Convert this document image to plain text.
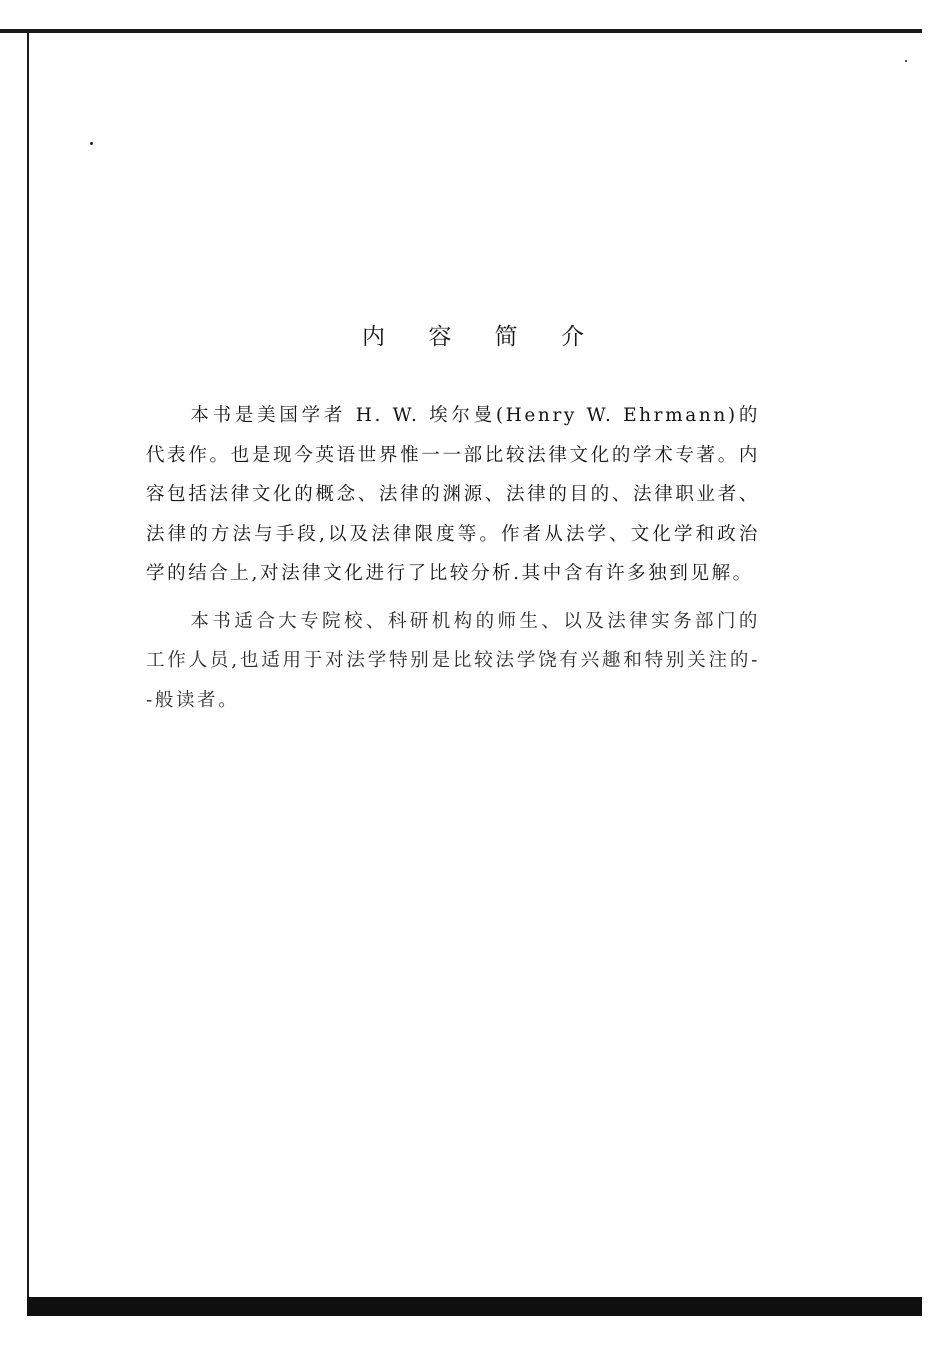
内 容 简 介

本书是美国学者 H. W. 埃尔曼(Henry W. Ehrmann)的代表作。也是现今英语世界惟一一部比较法律文化的学术专著。内容包括法律文化的概念、法律的渊源、法律的目的、法律职业者、法律的方法与手段,以及法律限度等。作者从法学、文化学和政治学的结合上,对法律文化进行了比较分析.其中含有许多独到见解。

本书适合大专院校、科研机构的师生、以及法律实务部门的工作人员,也适用于对法学特别是比较法学饶有兴趣和特别关注的--般读者。
